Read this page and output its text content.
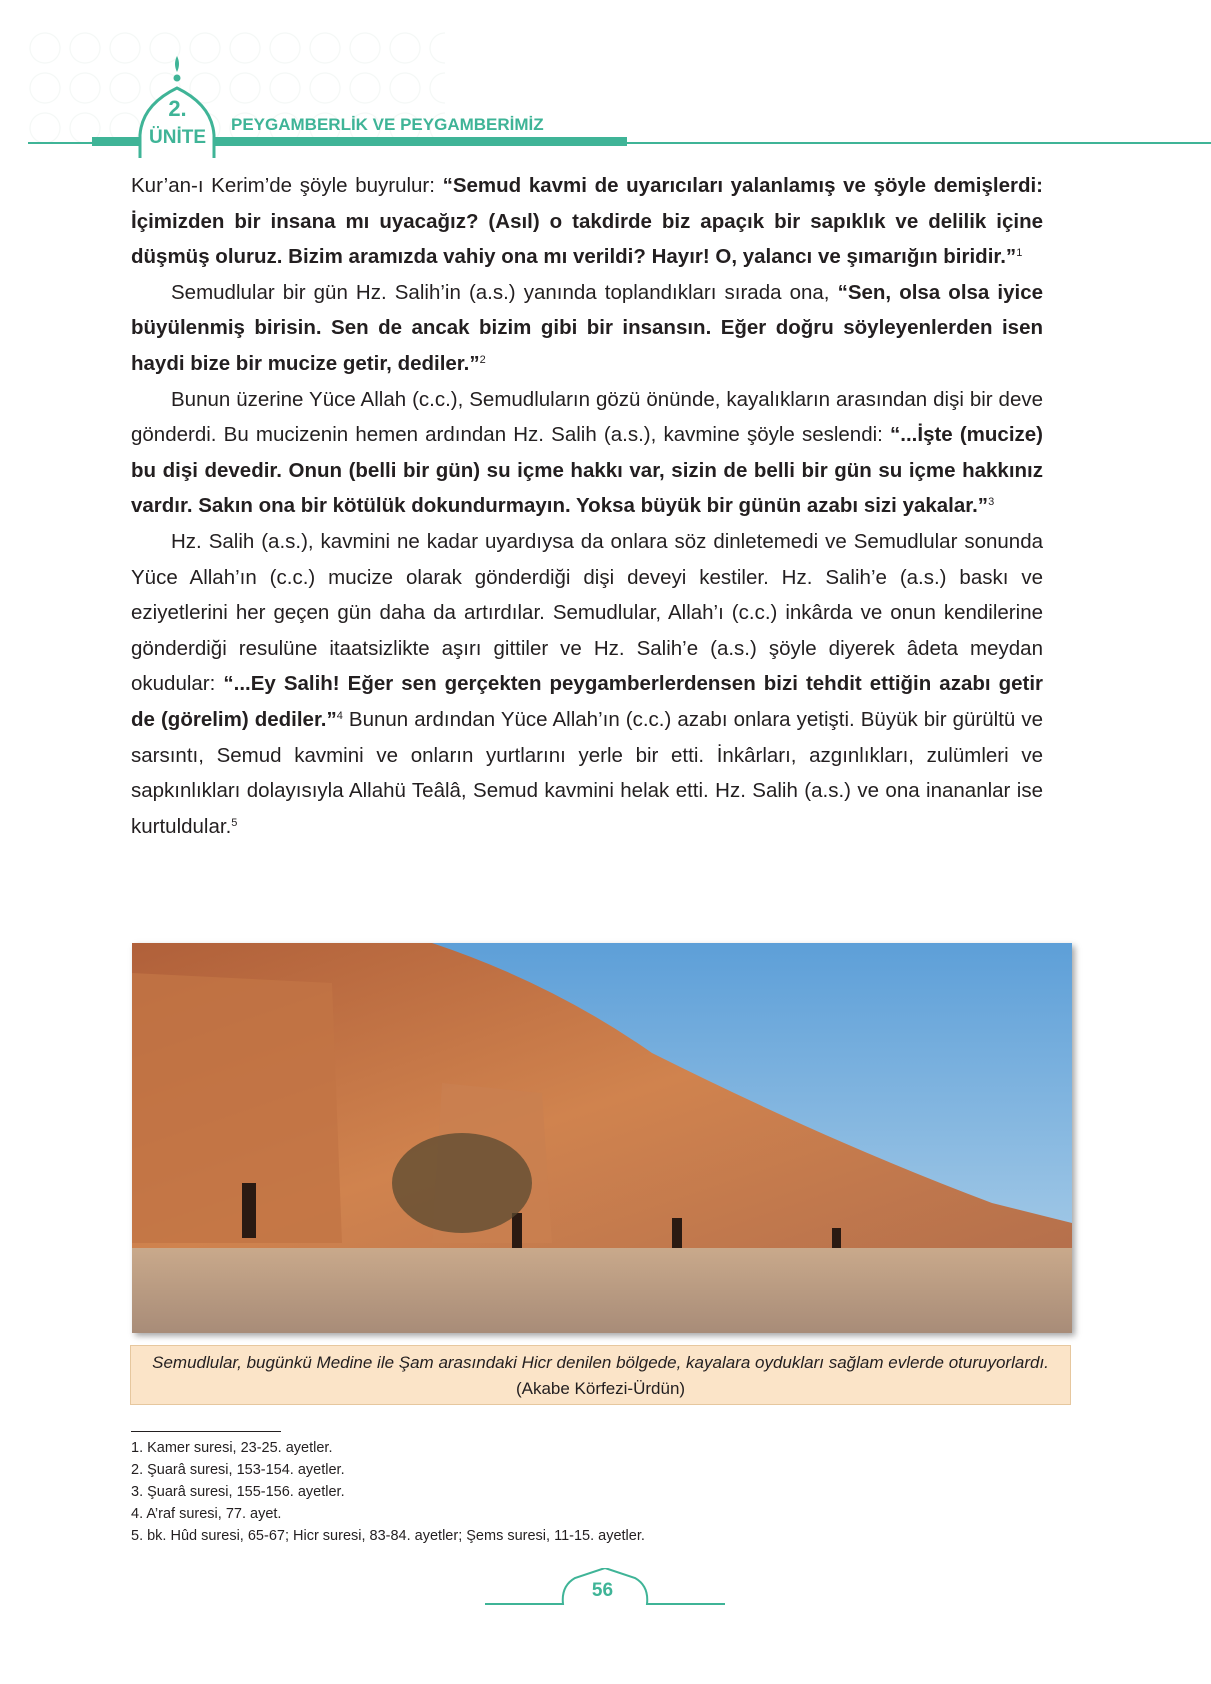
2.
ÜNİTE
PEYGAMBERLİK VE PEYGAMBERİMİZ

Kur’an-ı Kerim’de şöyle buyrulur: “Semud kavmi de uyarıcıları yalanlamış ve şöyle demişlerdi: İçimizden bir insana mı uyacağız? (Asıl) o takdirde biz apaçık bir sapıklık ve delilik içine düşmüş oluruz. Bizim aramızda vahiy ona mı verildi? Hayır! O, yalancı ve şımarığın biridir.”$^1$

Semudlular bir gün Hz. Salih’in (a.s.) yanında toplandıkları sırada ona, “Sen, olsa olsa iyice büyülenmiş birisin. Sen de ancak bizim gibi bir insansın. Eğer doğru söyleyenlerden isen haydi bize bir mucize getir, dediler.”$^2$

Bunun üzerine Yüce Allah (c.c.), Semudluların gözü önünde, kayalıkların arasından dişi bir deve gönderdi. Bu mucizenin hemen ardından Hz. Salih (a.s.), kavmine şöyle seslendi: “...İşte (mucize) bu dişi devedir. Onun (belli bir gün) su içme hakkı var, sizin de belli bir gün su içme hakkınız vardır. Sakın ona bir kötülük dokundurmayın. Yoksa büyük bir günün azabı sizi yakalar.”$^3$

Hz. Salih (a.s.), kavmini ne kadar uyardıysa da onlara söz dinletemedi ve Semudlular sonunda Yüce Allah’ın (c.c.) mucize olarak gönderdiği dişi deveyi kestiler. Hz. Salih’e (a.s.) baskı ve eziyetlerini her geçen gün daha da artırdılar. Semudlular, Allah’ı (c.c.) inkârda ve onun kendilerine gönderdiği resulüne itaatsizlikte aşırı gittiler ve Hz. Salih’e (a.s.) şöyle diyerek âdeta meydan okudular: “...Ey Salih! Eğer sen gerçekten peygamberlerdensen bizi tehdit ettiğin azabı getir de (görelim) dediler.”$^4$ Bunun ardından Yüce Allah’ın (c.c.) azabı onlara yetişti. Büyük bir gürültü ve sarsıntı, Semud kavmini ve onların yurtlarını yerle bir etti. İnkârları, azgınlıkları, zulümleri ve sapkınlıkları dolayısıyla Allahü Teâlâ, Semud kavmini helak etti. Hz. Salih (a.s.) ve ona inananlar ise kurtuldular.$^5$

Semudlular, bugünkü Medine ile Şam arasındaki Hicr denilen bölgede, kayalara oydukları sağlam evlerde oturuyorlardı. (Akabe Körfezi-Ürdün)
1. Kamer suresi, 23-25. ayetler.
2. Şuarâ suresi, 153-154. ayetler.
3. Şuarâ suresi, 155-156. ayetler.
4. A’raf suresi, 77. ayet.
5. bk. Hûd suresi, 65-67; Hicr suresi, 83-84. ayetler; Şems suresi, 11-15. ayetler.
56
